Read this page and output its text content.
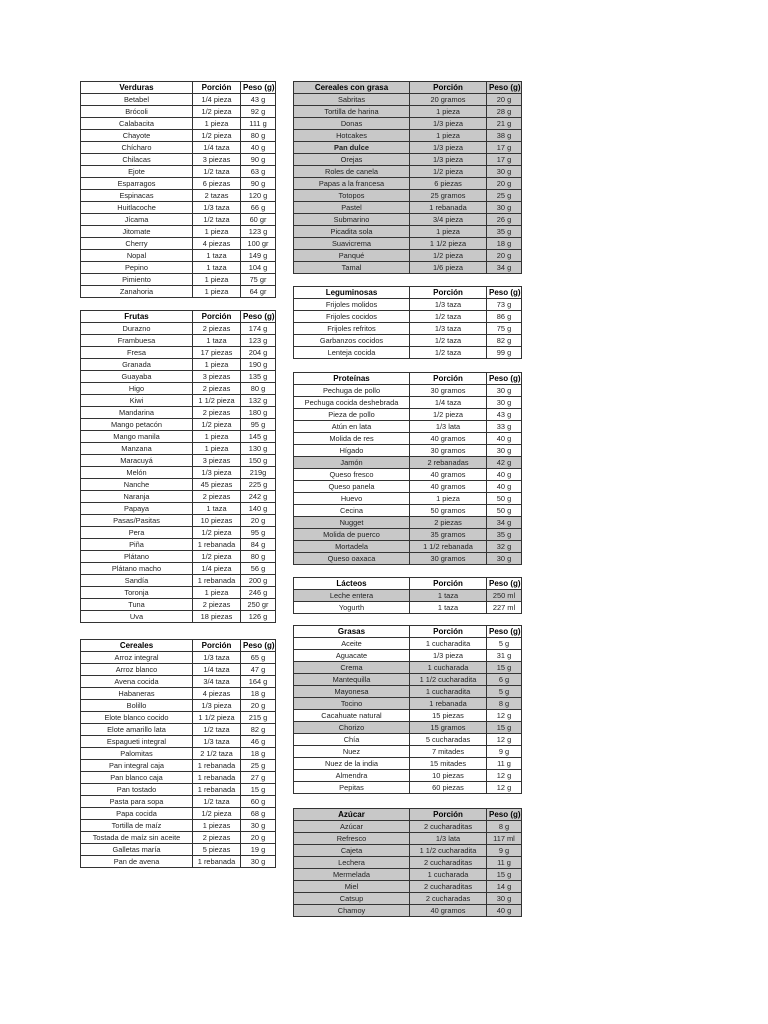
Verduras	Porción	Peso (g)
Betabel	1/4 pieza	43 g
Brócoli	1/2 pieza	92 g
Calabacita	1 pieza	111 g
Chayote	1/2 pieza	80 g
Chícharo	1/4 taza	40 g
Chilacas	3 piezas	90 g
Ejote	1/2 taza	63 g
Esparragos	6 piezas	90 g
Espinacas	2 tazas	120 g
Huitlacoche	1/3 taza	66 g
Jícama	1/2 taza	60 gr
Jitomate	1 pieza	123 g
Cherry	4 piezas	100 gr
Nopal	1 taza	149 g
Pepino	1 taza	104 g
Pimiento	1 pieza	75 gr
Zanahoria	1 pieza	64 gr
Frutas	Porción	Peso (g)
Durazno	2 piezas	174 g
Frambuesa	1 taza	123 g
Fresa	17 piezas	204 g
Granada	1 pieza	190 g
Guayaba	3 piezas	135 g
Higo	2 piezas	80 g
Kiwi	1 1/2 pieza	132 g
Mandarina	2 piezas	180 g
Mango petacón	1/2 pieza	95 g
Mango manila	1 pieza	145 g
Manzana	1 pieza	130 g
Maracuyá	3 piezas	150 g
Melón	1/3 pieza	219g
Nanche	45 piezas	225 g
Naranja	2 piezas	242 g
Papaya	1 taza	140 g
Pasas/Pasitas	10 piezas	20 g
Pera	1/2 pieza	95 g
Piña	1 rebanada	84 g
Plátano	1/2 pieza	80 g
Plátano macho	1/4 pieza	56 g
Sandía	1 rebanada	200 g
Toronja	1 pieza	246 g
Tuna	2 piezas	250 gr
Uva	18 piezas	126 g
Cereales	Porción	Peso (g)
Arroz integral	1/3 taza	65 g
Arroz blanco	1/4 taza	47 g
Avena cocida	3/4 taza	164 g
Habaneras	4 piezas	18 g
Bolillo	1/3 pieza	20 g
Elote blanco cocido	1 1/2 pieza	215 g
Elote amarillo lata	1/2 taza	82 g
Espagueti integral	1/3 taza	46 g
Palomitas	2 1/2 taza	18 g
Pan integral caja	1 rebanada	25 g
Pan blanco caja	1 rebanada	27 g
Pan tostado	1 rebanada	15 g
Pasta para sopa	1/2 taza	60 g
Papa cocida	1/2 pieza	68 g
Tortilla de maíz	1 piezas	30 g
Tostada de maíz sin aceite	2 piezas	20 g
Galletas maría	5 piezas	19 g
Pan de avena	1 rebanada	30 g
Cereales con grasa	Porción	Peso (g)
Sabritas	20 gramos	20 g
Tortilla de harina	1 pieza	28 g
Donas	1/3 pieza	21 g
Hotcakes	1 pieza	38 g
Pan dulce	1/3 pieza	17 g
Orejas	1/3 pieza	17 g
Roles de canela	1/2 pieza	30 g
Papas a la francesa	6 piezas	20 g
Totopos	25 gramos	25 g
Pastel	1 rebanada	30 g
Submarino	3/4 pieza	26 g
Picadita sola	1 pieza	35 g
Suavicrema	1 1/2 pieza	18 g
Panqué	1/2 pieza	20 g
Tamal	1/6 pieza	34 g
Leguminosas	Porción	Peso (g)
Frijoles molidos	1/3 taza	73 g
Frijoles cocidos	1/2 taza	86 g
Frijoles refritos	1/3 taza	75 g
Garbanzos cocidos	1/2 taza	82 g
Lenteja cocida	1/2 taza	99 g
Proteínas	Porción	Peso (g)
Pechuga de pollo	30 gramos	30 g
Pechuga cocida deshebrada	1/4 taza	30 g
Pieza de pollo	1/2 pieza	43 g
Atún en lata	1/3 lata	33 g
Molida de res	40 gramos	40 g
Hígado	30 gramos	30 g
Jamón	2 rebanadas	42 g
Queso fresco	40 gramos	40 g
Queso panela	40 gramos	40 g
Huevo	1 pieza	50 g
Cecina	50 gramos	50 g
Nugget	2 piezas	34 g
Molida de puerco	35 gramos	35 g
Mortadela	1 1/2 rebanada	32 g
Queso oaxaca	30 gramos	30 g
Lácteos	Porción	Peso (g)
Leche entera	1 taza	250 ml
Yogurth	1 taza	227 ml
Grasas	Porción	Peso (g)
Aceite	1 cucharadita	5 g
Aguacate	1/3 pieza	31 g
Crema	1 cucharada	15 g
Mantequilla	1 1/2 cucharadita	6 g
Mayonesa	1 cucharadita	5 g
Tocino	1 rebanada	8 g
Cacahuate natural	15 piezas	12 g
Chorizo	15 gramos	15 g
Chía	5 cucharadas	12 g
Nuez	7 mitades	9 g
Nuez de la india	15 mitades	11 g
Almendra	10 piezas	12 g
Pepitas	60 piezas	12 g
Azúcar	Porción	Peso (g)
Azúcar	2 cucharaditas	8 g
Refresco	1/3 lata	117 ml
Cajeta	1 1/2 cucharadita	9 g
Lechera	2 cucharaditas	11 g
Mermelada	1 cucharada	15 g
Miel	2 cucharaditas	14 g
Catsup	2 cucharadas	30 g
Chamoy	40 gramos	40 g
